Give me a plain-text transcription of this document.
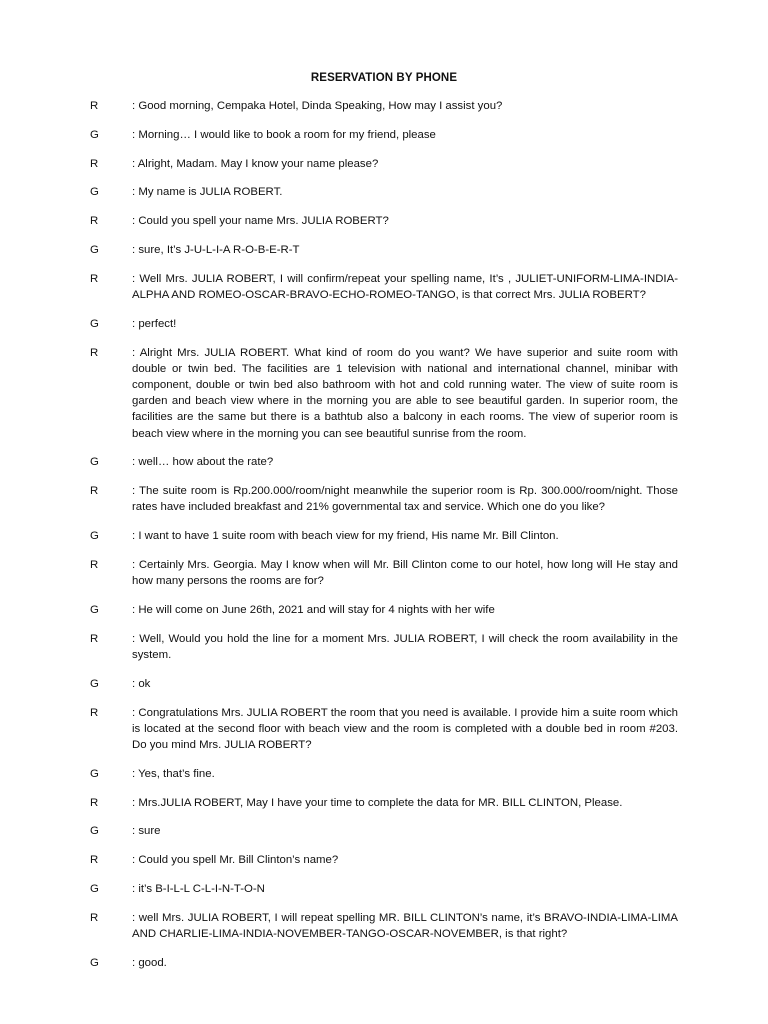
RESERVATION BY PHONE
R	: Good morning, Cempaka Hotel, Dinda Speaking, How may I assist you?
G	: Morning… I would like to book a room for my friend, please
R	: Alright, Madam. May I know your name please?
G	: My name is JULIA ROBERT.
R	: Could you spell your name Mrs. JULIA ROBERT?
G	: sure, It’s J-U-L-I-A R-O-B-E-R-T
R	: Well Mrs. JULIA ROBERT, I will confirm/repeat your spelling name, It’s , JULIET-UNIFORM-LIMA-INDIA-ALPHA AND ROMEO-OSCAR-BRAVO-ECHO-ROMEO-TANGO, is that correct Mrs. JULIA ROBERT?
G	: perfect!
R	: Alright Mrs. JULIA ROBERT. What kind of room do you want? We have superior and suite room with double or twin bed. The facilities are 1 television with national and international channel, minibar with component, double or twin bed also bathroom with hot and cold running water. The view of suite room is garden and beach view where in the morning you are able to see beautiful garden. In superior room, the facilities are the same but there is a bathtub also a balcony in each rooms. The view of superior room is beach view where in the morning you can see beautiful sunrise from the room.
G	: well… how about the rate?
R	: The suite room is Rp.200.000/room/night meanwhile the superior room is Rp. 300.000/room/night. Those rates have included breakfast and 21% governmental tax and service. Which one do you like?
G	: I want to have 1 suite room with beach view for my friend, His name Mr. Bill Clinton.
R	: Certainly Mrs. Georgia. May I know when will Mr. Bill Clinton come to our hotel, how long will He stay and how many persons the rooms are for?
G	: He will come on June 26th, 2021 and will stay for 4 nights with her wife
R	: Well, Would you hold the line for a moment Mrs. JULIA ROBERT, I will check the room availability in the system.
G	: ok
R	: Congratulations Mrs. JULIA ROBERT the room that you need is available. I provide him a suite room which is located at the second floor with beach view and the room is completed with a double bed in room #203. Do you mind Mrs. JULIA ROBERT?
G	: Yes, that’s fine.
R	: Mrs.JULIA ROBERT, May I have your time to complete the data for MR. BILL CLINTON, Please.
G	: sure
R	: Could you spell Mr. Bill Clinton’s name?
G	: it’s B-I-L-L C-L-I-N-T-O-N
R	: well Mrs. JULIA ROBERT, I will repeat spelling MR. BILL CLINTON’s name, it’s BRAVO-INDIA-LIMA-LIMA AND CHARLIE-LIMA-INDIA-NOVEMBER-TANGO-OSCAR-NOVEMBER, is that right?
G	: good.
